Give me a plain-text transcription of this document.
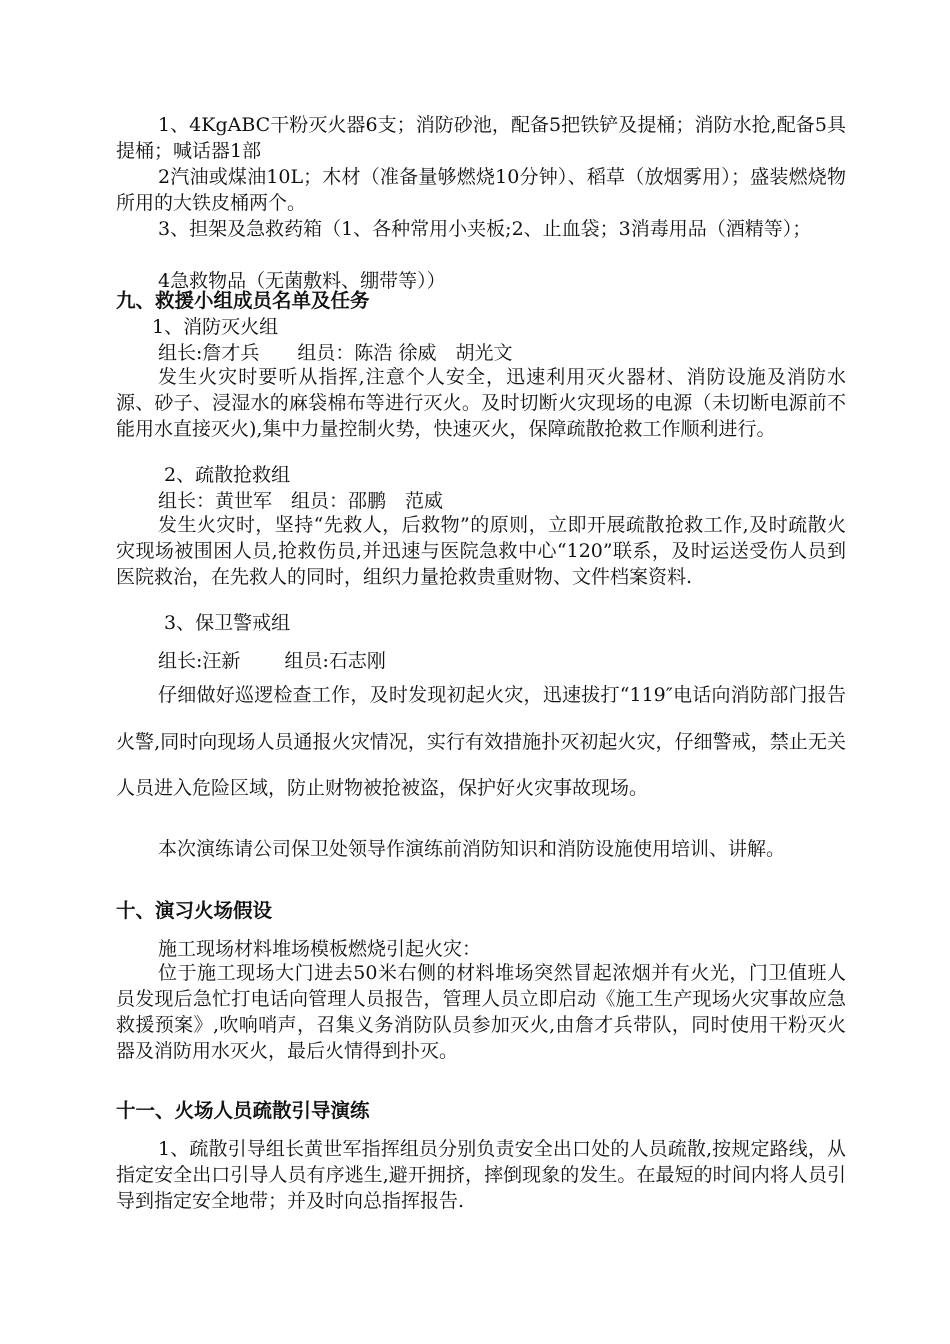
1、4KgABC干粉灭火器6支；消防砂池，配备5把铁铲及提桶；消防水抢,配备5具提桶；喊话器1部

2汽油或煤油10L；木材（准备量够燃烧10分钟）、稻草（放烟雾用）；盛装燃烧物所用的大铁皮桶两个。

3、担架及急救药箱（1、各种常用小夹板;2、止血袋；3消毒用品（酒精等）；

4急救物品（无菌敷料、绷带等））

九、救援小组成员名单及任务

1、消防灭火组

组长:詹才兵　　组员：陈浩 徐威　胡光文

发生火灾时要听从指挥,注意个人安全，迅速利用灭火器材、消防设施及消防水源、砂子、浸湿水的麻袋棉布等进行灭火。及时切断火灾现场的电源（未切断电源前不能用水直接灭火),集中力量控制火势，快速灭火，保障疏散抢救工作顺利进行。

2、疏散抢救组

组长：黄世军　组员：邵鹏　范威

发生火灾时，坚持“先救人，后救物”的原则，立即开展疏散抢救工作,及时疏散火灾现场被围困人员,抢救伤员,并迅速与医院急救中心“120”联系，及时运送受伤人员到医院救治，在先救人的同时，组织力量抢救贵重财物、文件档案资料.

3、保卫警戒组

组长:汪新　　 组员:石志刚

仔细做好巡逻检查工作，及时发现初起火灾，迅速拔打“119″电话向消防部门报告火警,同时向现场人员通报火灾情况，实行有效措施扑灭初起火灾，仔细警戒，禁止无关人员进入危险区域，防止财物被抢被盗，保护好火灾事故现场。

本次演练请公司保卫处领导作演练前消防知识和消防设施使用培训、讲解。

十、演习火场假设

施工现场材料堆场模板燃烧引起火灾：

位于施工现场大门进去50米右侧的材料堆场突然冒起浓烟并有火光，门卫值班人员发现后急忙打电话向管理人员报告，管理人员立即启动《施工生产现场火灾事故应急救援预案》,吹响哨声，召集义务消防队员参加灭火,由詹才兵带队，同时使用干粉灭火器及消防用水灭火，最后火情得到扑灭。

十一、火场人员疏散引导演练

1、疏散引导组长黄世军指挥组员分别负责安全出口处的人员疏散,按规定路线，从指定安全出口引导人员有序逃生,避开拥挤，摔倒现象的发生。在最短的时间内将人员引导到指定安全地带；并及时向总指挥报告.
